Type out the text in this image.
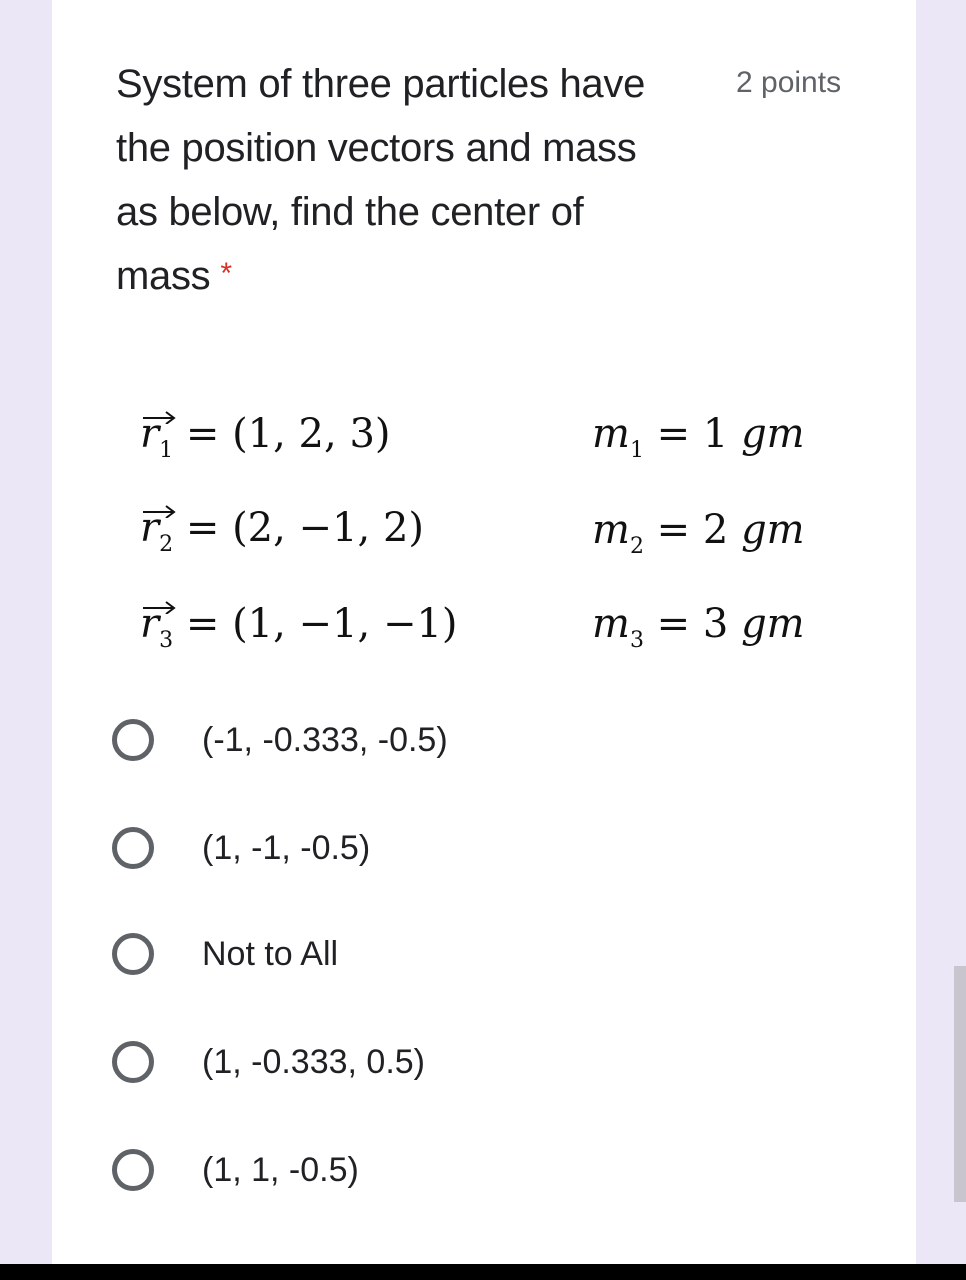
System of three particles have
the position vectors and mass
as below, find the center of
mass *
2 points
$r_1 = (1$, 2, 3)
$r_2 = (2$, −1, 2)
$r_3 = (1$, −1, −1)
$m_1 = 1$ gm
$m_2 = 2$ gm
$m_3 = 3$ gm
(-1, -0.333, -0.5)
(1, -1, -0.5)
Not to All
(1, -0.333, 0.5)
(1, 1, -0.5)
